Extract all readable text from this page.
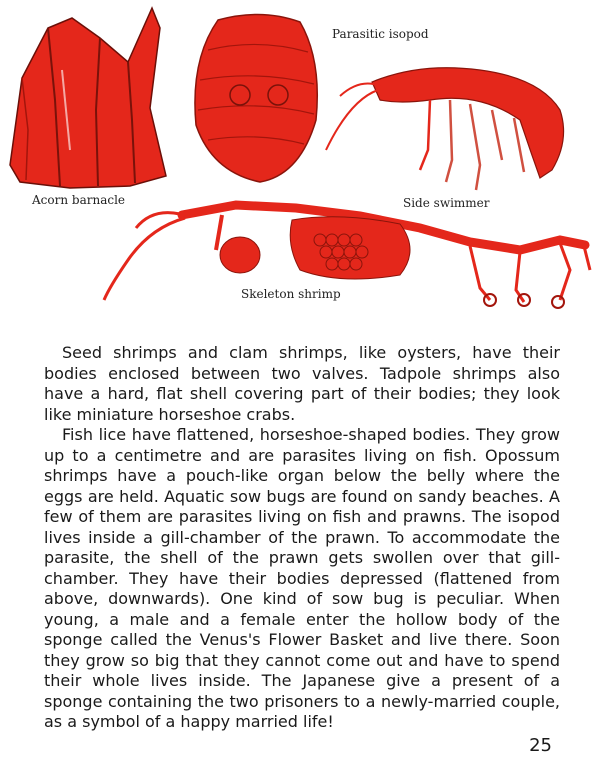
Parasitic isopod
Acorn barnacle	Side swimmer
Skeleton shrimp

Seed shrimps and clam shrimps, like oysters, have their bodies enclosed between two valves. Tadpole shrimps also have a hard, flat shell covering part of their bodies; they look like miniature horseshoe crabs.

Fish lice have flattened, horseshoe-shaped bodies. They grow up to a centimetre and are parasites living on fish. Opossum shrimps have a pouch-like organ below the belly where the eggs are held. Aquatic sow bugs are found on sandy beaches. A few of them are parasites living on fish and prawns. The isopod lives inside a gill-chamber of the prawn. To accommodate the parasite, the shell of the prawn gets swollen over that gill-chamber. They have their bodies depressed (flattened from above, downwards). One kind of sow bug is peculiar. When young, a male and a female enter the hollow body of the sponge called the Venus's Flower Basket and live there. Soon they grow so big that they cannot come out and have to spend their whole lives inside. The Japanese give a present of a sponge containing the two prisoners to a newly-married couple, as a symbol of a happy married life!

25
